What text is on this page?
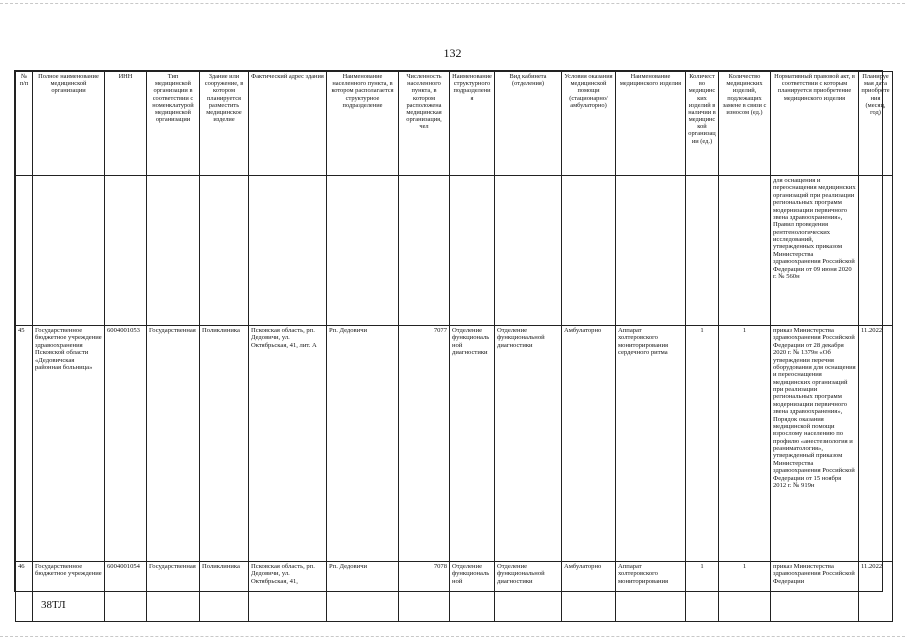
132
№ п/п	Полное наименование медицинской организации	ИНН	Тип медицинской организации в соответствии с номенклатурой медицинской организации	Здание или сооружение, в котором планируется разместить медицинское изделие	Фактический адрес здания	Наименование населенного пункта, в котором располагается структурное подразделение	Численность населенного пункта, в котором расположена медицинская организация, чел	Наименование структурного подразделения	Вид кабинета (отделения)	Условия оказания медицинской помощи (стационарно/ амбулаторно)	Наименование медицинского изделия	Количество медицинских изделий в наличии в медицинской организации (ед.)	Количество медицинских изделий, подлежащих замене в связи с износом (ед.)	Нормативный правовой акт, в соответствии с которым планируется приобретение медицинского изделия	Планируемая дата приобретения (месяц, год)
														для оснащения и переоснащения медицинских организаций при реализации региональных программ модернизации первичного звена здравоохранения», Правил проведения рентгенологических исследований, утвержденных приказом Министерства здравоохранения Российской Федерации от 09 июня 2020 г. № 560н	
45	Государственное бюджетное учреждение здравоохранения Псковской области «Дедовичская районная больница»	6004001053	Государственная	Поликлиника	Псковская область, рп. Дедовичи, ул. Октябрьская, 41, лит. А	Рп. Дедовичи	7077	Отделение функциональной диагностики	Отделение функциональной диагностики	Амбулаторно	Аппарат холтеровского мониторирования сердечного ритма	1	1	приказ Министерства здравоохранения Российской Федерации от 28 декабря 2020 г. № 1379н «Об утверждении перечня оборудования для оснащения и переоснащения медицинских организаций при реализации региональных программ модернизации первичного звена здравоохранения», Порядок оказания медицинской помощи взрослому населению по профилю «анестезиология и реаниматология», утвержденный приказом Министерства здравоохранения Российской Федерации от 15 ноября 2012 г. № 919н	11.2022
46	Государственное бюджетное учреждение	6004001054	Государственная	Поликлиника	Псковская область, рп. Дедовичи, ул. Октябрьская, 41,	Рп. Дедовичи	7078	Отделение функциональной	Отделение функциональной диагностики	Амбулаторно	Аппарат холтеровского мониторирования	1	1	приказ Министерства здравоохранения Российской Федерации	11.2022
38ТЛ
